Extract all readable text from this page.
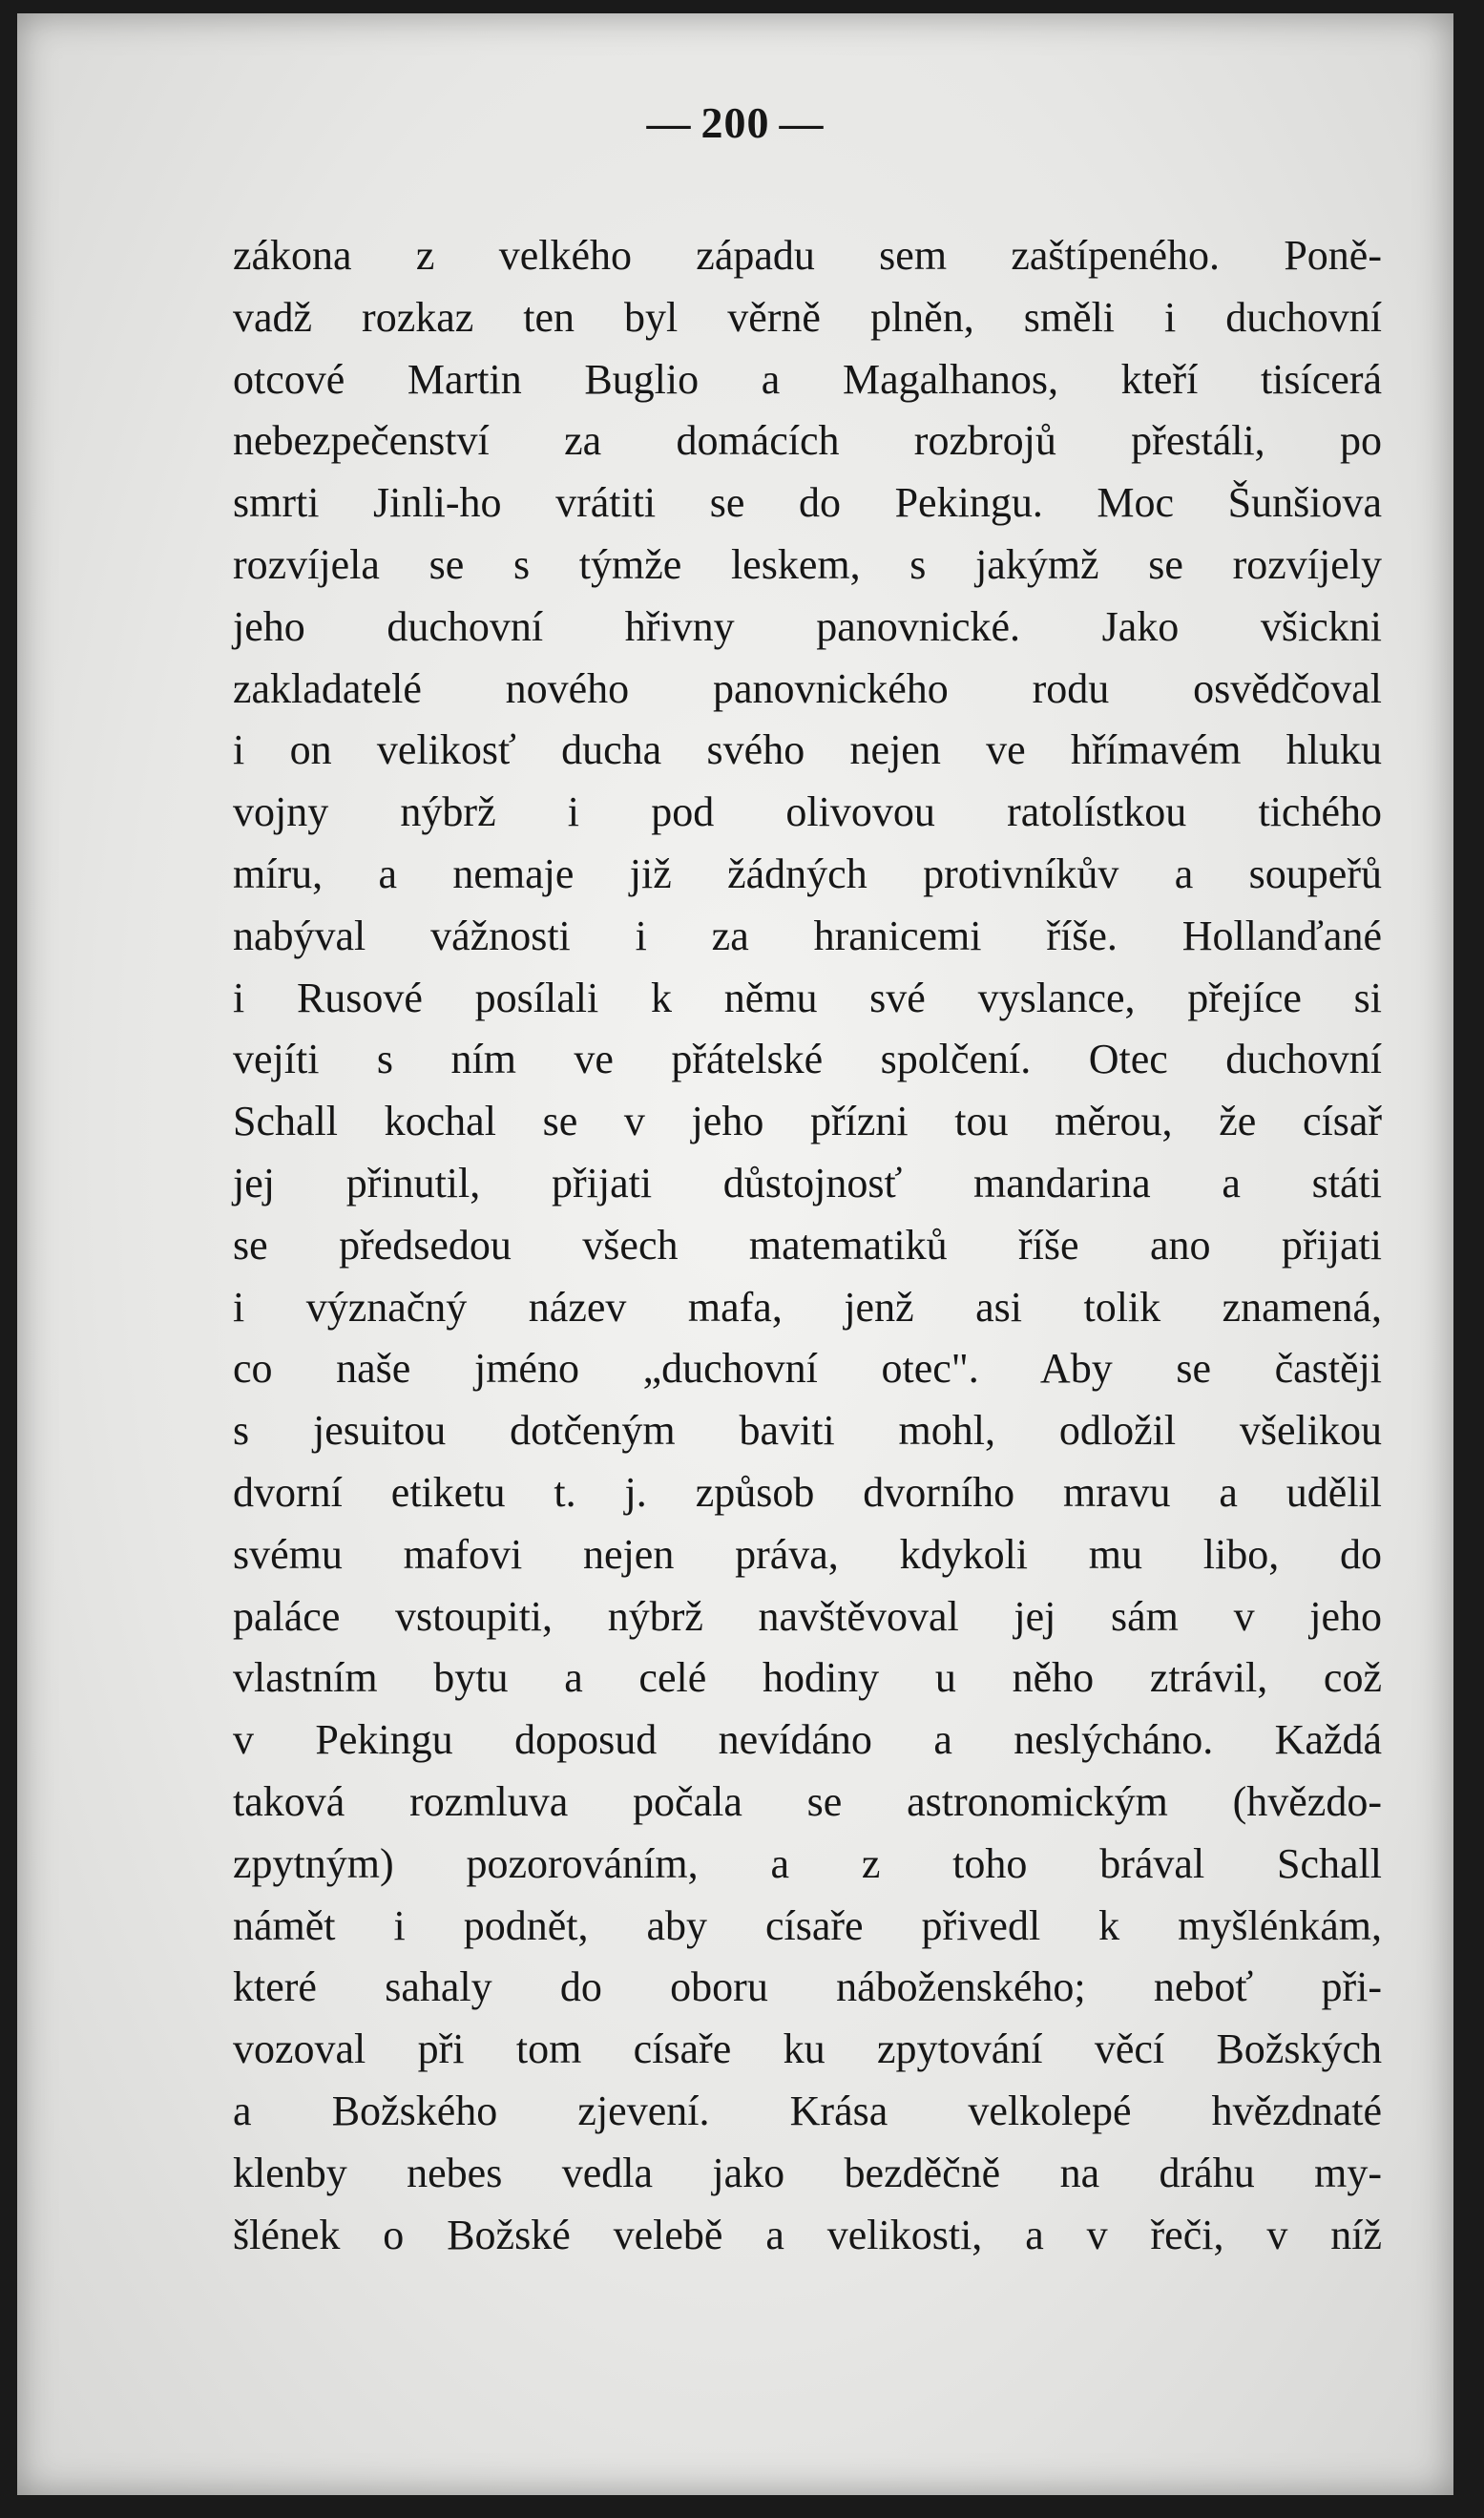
— 200 —
zákona z velkého západu sem zaštípeného. Poně-
vadž rozkaz ten byl věrně plněn, směli i duchovní
otcové Martin Buglio a Magalhanos, kteří tisícerá
nebezpečenství za domácích rozbrojů přestáli, po
smrti Jinli-ho vrátiti se do Pekingu. Moc Šunšiova
rozvíjela se s týmže leskem, s jakýmž se rozvíjely
jeho duchovní hřivny panovnické. Jako všickni
zakladatelé nového panovnického rodu osvědčoval
i on velikosť ducha svého nejen ve hřímavém hluku
vojny nýbrž i pod olivovou ratolístkou tichého
míru, a nemaje již žádných protivníkův a soupeřů
nabýval vážnosti i za hranicemi říše. Hollanďané
i Rusové posílali k němu své vyslance, přejíce si
vejíti s ním ve přátelské spolčení. Otec duchovní
Schall kochal se v jeho přízni tou měrou, že císař
jej přinutil, přijati důstojnosť mandarina a státi
se předsedou všech matematiků říše ano přijati
i význačný název mafa, jenž asi tolik znamená,
co naše jméno „duchovní otec". Aby se častěji
s jesuitou dotčeným baviti mohl, odložil všelikou
dvorní etiketu t. j. způsob dvorního mravu a udělil
svému mafovi nejen práva, kdykoli mu libo, do
paláce vstoupiti, nýbrž navštěvoval jej sám v jeho
vlastním bytu a celé hodiny u něho ztrávil, což
v Pekingu doposud nevídáno a neslýcháno. Každá
taková rozmluva počala se astronomickým (hvězdo-
zpytným) pozorováním, a z toho brával Schall
námět i podnět, aby císaře přivedl k myšlénkám,
které sahaly do oboru náboženského; neboť při-
vozoval při tom císaře ku zpytování věcí Božských
a Božského zjevení. Krása velkolepé hvězdnaté
klenby nebes vedla jako bezděčně na dráhu my-
šlének o Božské velebě a velikosti, a v řeči, v níž
